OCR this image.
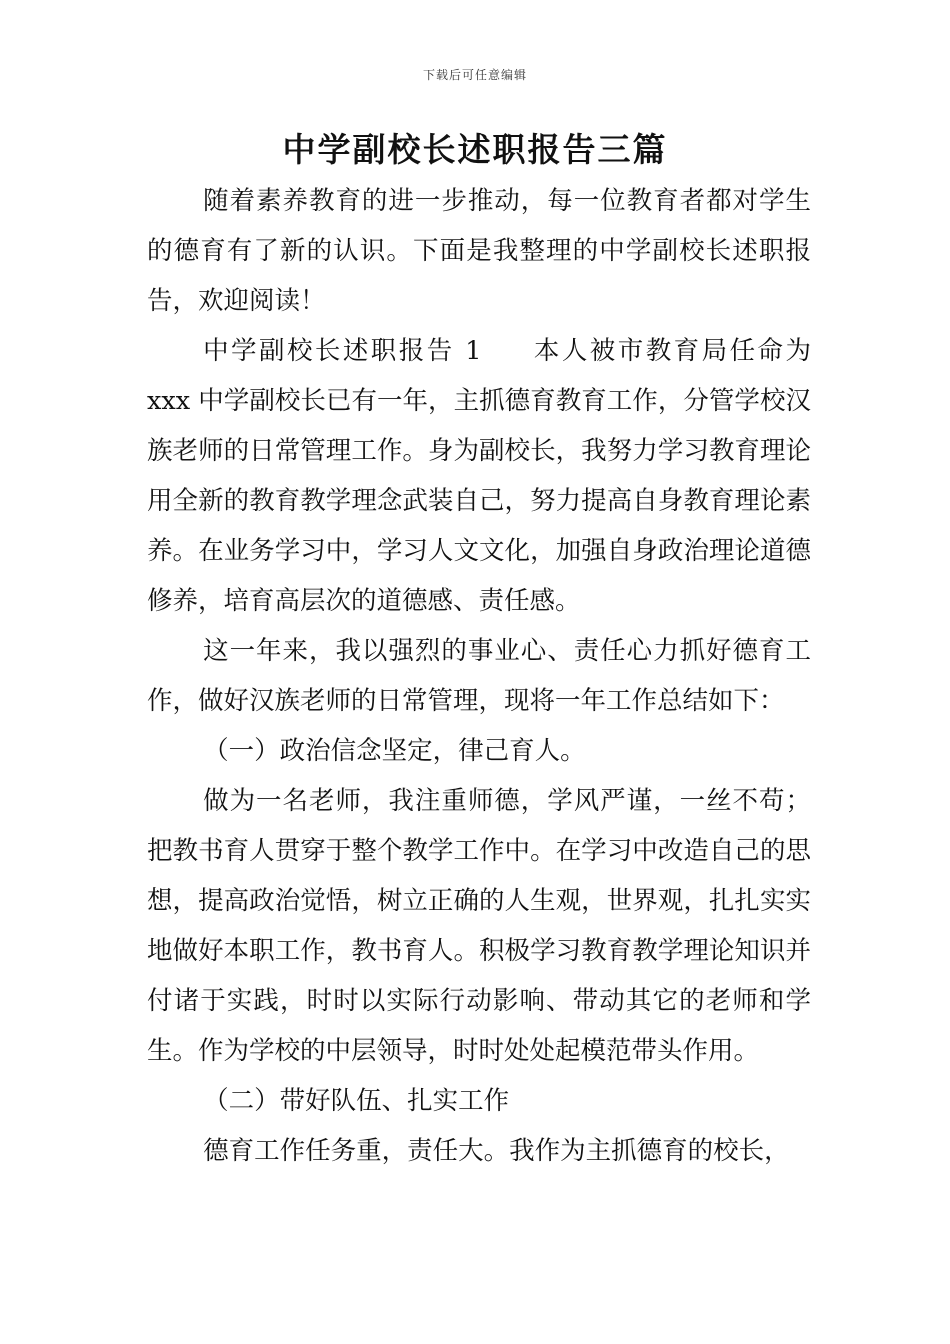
下载后可任意编辑
中学副校长述职报告三篇

随着素养教育的进一步推动，每一位教育者都对学生的德育有了新的认识。下面是我整理的中学副校长述职报告，欢迎阅读！

中学副校长述职报告 1 本人被市教育局任命为 xxx 中学副校长已有一年，主抓德育教育工作，分管学校汉族老师的日常管理工作。身为副校长，我努力学习教育理论用全新的教育教学理念武装自己，努力提高自身教育理论素养。在业务学习中，学习人文文化，加强自身政治理论道德修养，培育高层次的道德感、责任感。

这一年来，我以强烈的事业心、责任心力抓好德育工作，做好汉族老师的日常管理，现将一年工作总结如下：

（一）政治信念坚定，律己育人。

做为一名老师，我注重师德，学风严谨，一丝不苟；把教书育人贯穿于整个教学工作中。在学习中改造自己的思想，提高政治觉悟，树立正确的人生观，世界观，扎扎实实地做好本职工作，教书育人。积极学习教育教学理论知识并付诸于实践，时时以实际行动影响、带动其它的老师和学生。作为学校的中层领导，时时处处起模范带头作用。

（二）带好队伍、扎实工作

德育工作任务重，责任大。我作为主抓德育的校长，
